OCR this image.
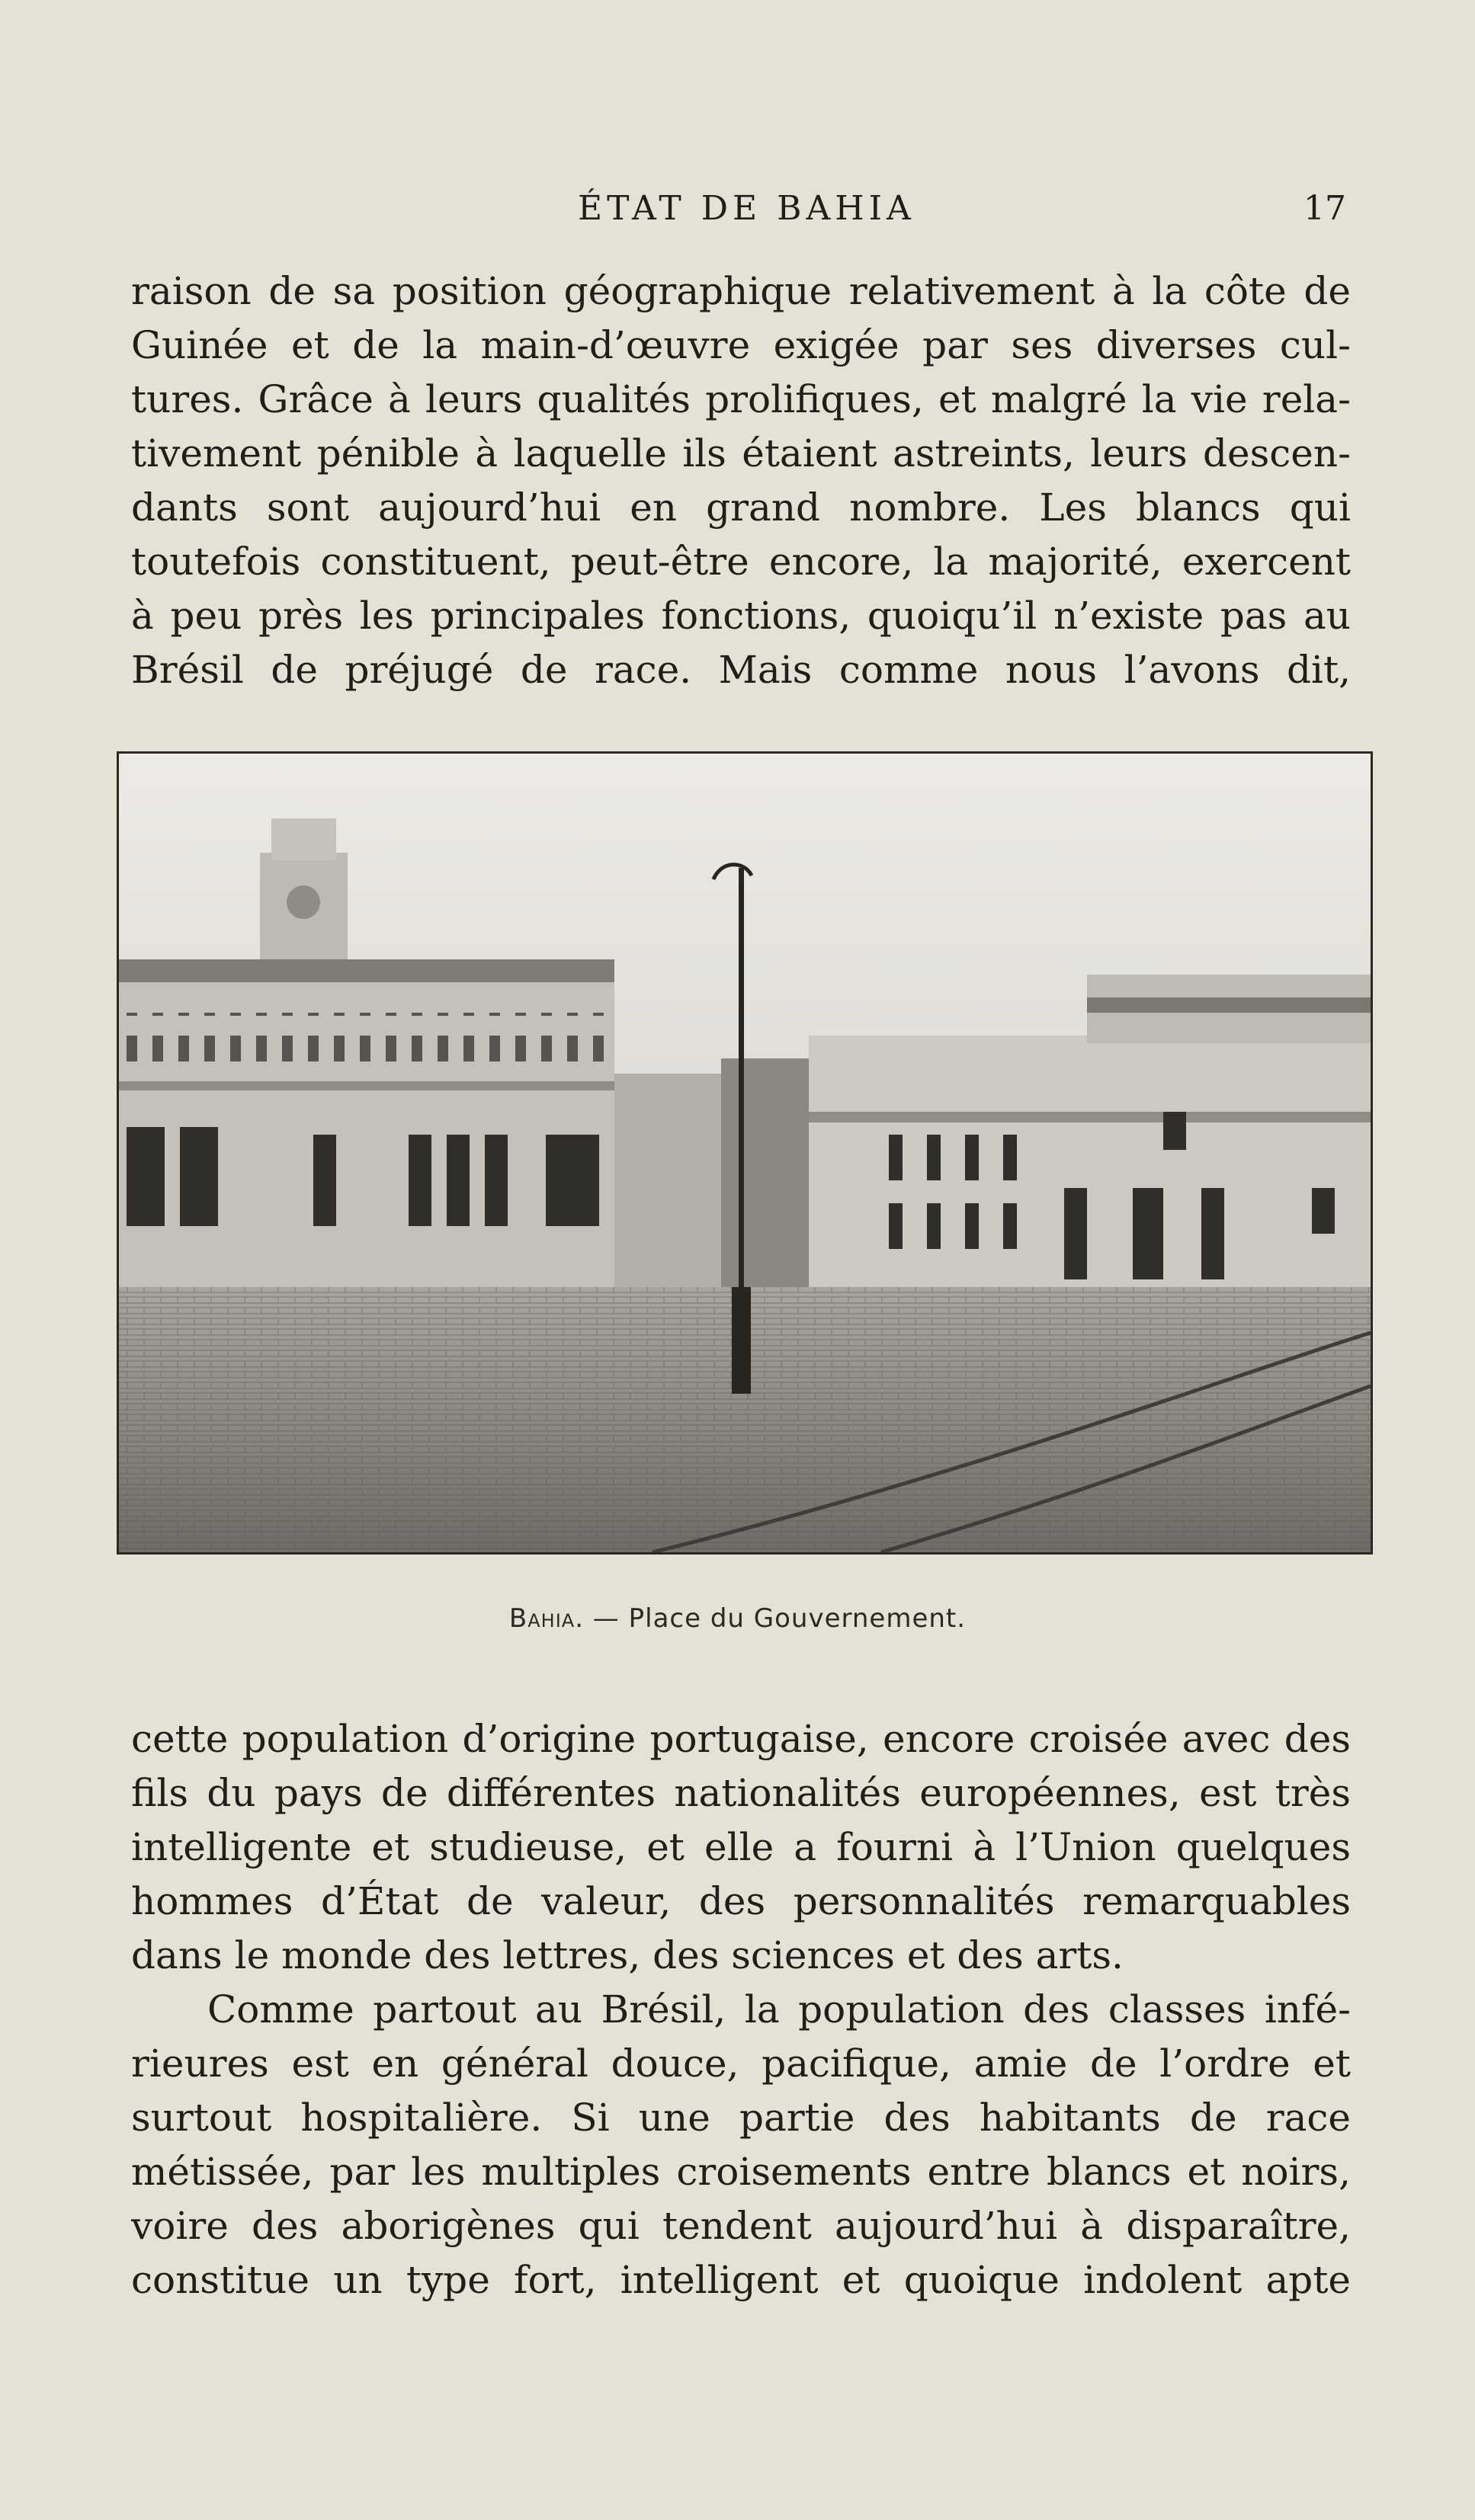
ÉTAT DE BAHIA	17
raison de sa position géographique relativement à la côte de
Guinée et de la main-d’œuvre exigée par ses diverses cul-
tures. Grâce à leurs qualités prolifiques, et malgré la vie rela-
tivement pénible à laquelle ils étaient astreints, leurs descen-
dants sont aujourd’hui en grand nombre. Les blancs qui
toutefois constituent, peut-être encore, la majorité, exercent
à peu près les principales fonctions, quoiqu’il n’existe pas au
Brésil de préjugé de race. Mais comme nous l’avons dit,
Bahia. — Place du Gouvernement.
cette population d’origine portugaise, encore croisée avec des
fils du pays de différentes nationalités européennes, est très
intelligente et studieuse, et elle a fourni à l’Union quelques
hommes d’État de valeur, des personnalités remarquables
dans le monde des lettres, des sciences et des arts.
Comme partout au Brésil, la population des classes infé-
rieures est en général douce, pacifique, amie de l’ordre et
surtout hospitalière. Si une partie des habitants de race
métissée, par les multiples croisements entre blancs et noirs,
voire des aborigènes qui tendent aujourd’hui à disparaître,
constitue un type fort, intelligent et quoique indolent apte
